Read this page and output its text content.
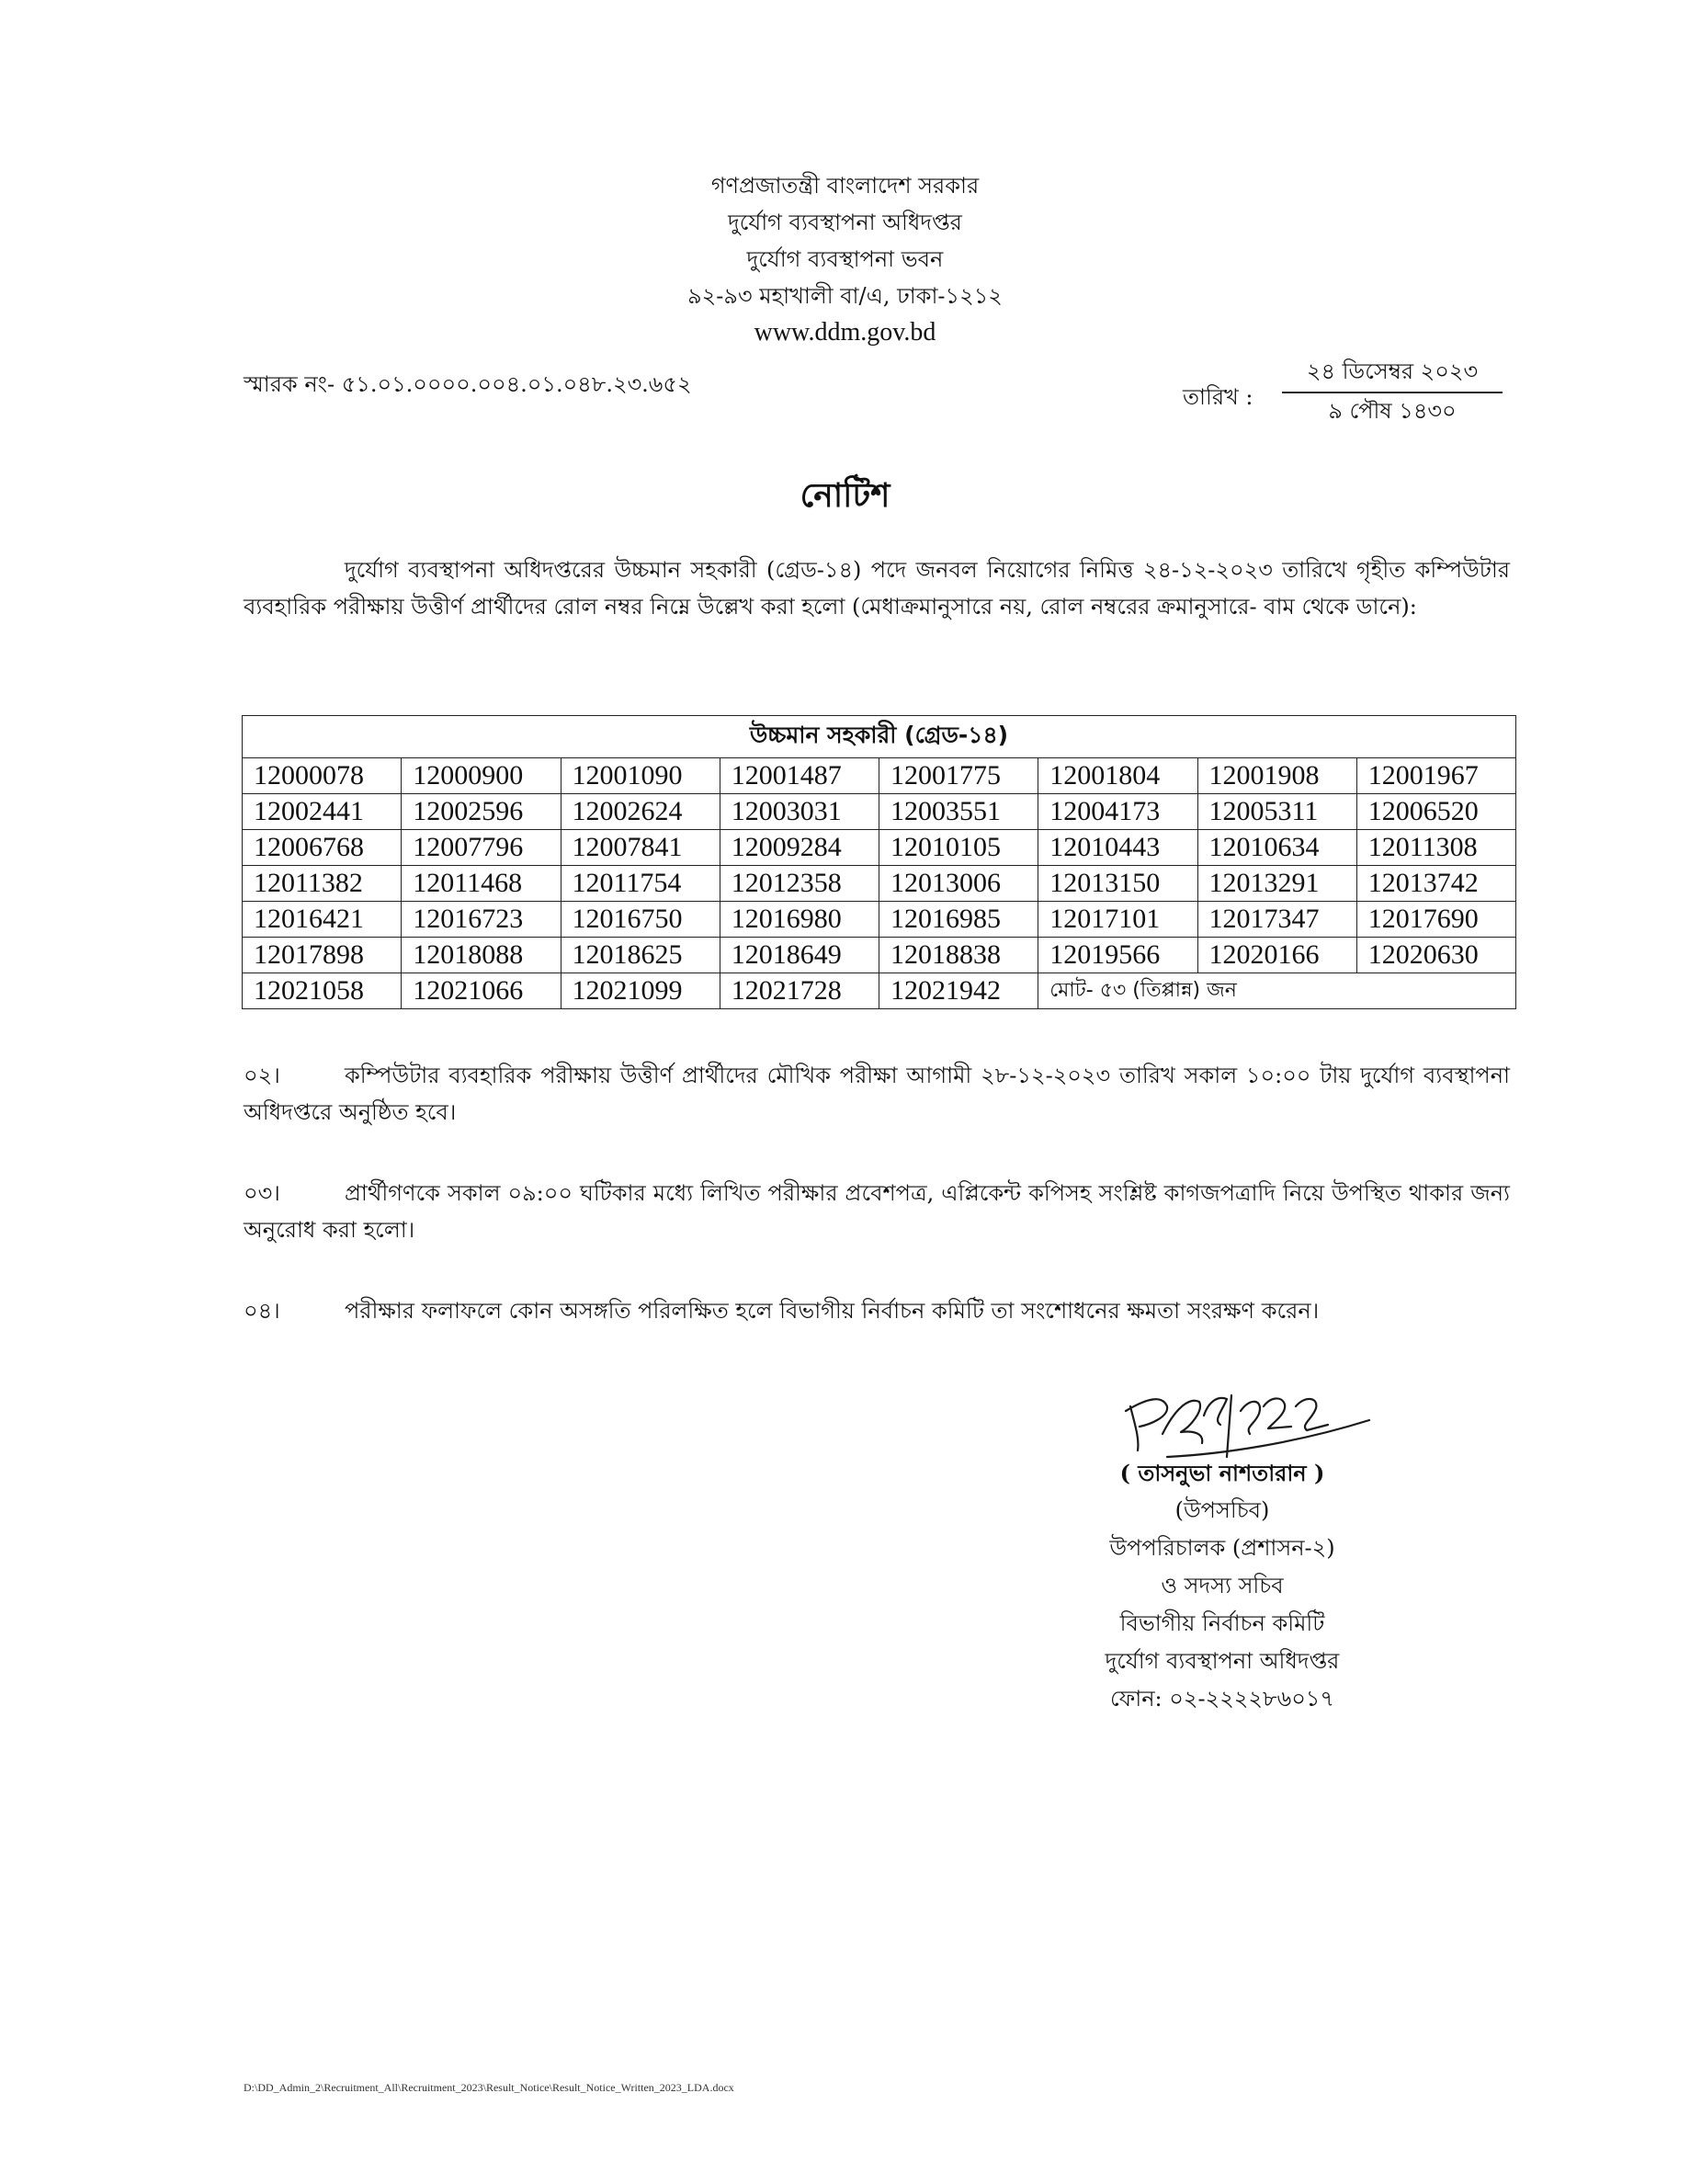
গণপ্রজাতন্ত্রী বাংলাদেশ সরকার
দুর্যোগ ব্যবস্থাপনা অধিদপ্তর
দুর্যোগ ব্যবস্থাপনা ভবন
৯২-৯৩ মহাখালী বা/এ, ঢাকা-১২১২
www.ddm.gov.bd
স্মারক নং- ৫১.০১.০০০০.০০৪.০১.০৪৮.২৩.৬৫২	তারিখ :
২৪ ডিসেম্বর ২০২৩
৯ পৌষ ১৪৩০
নোটিশ
দুর্যোগ ব্যবস্থাপনা অধিদপ্তরের উচ্চমান সহকারী (গ্রেড-১৪) পদে জনবল নিয়োগের নিমিত্ত ২৪-১২-২০২৩ তারিখে গৃহীত কম্পিউটার ব্যবহারিক পরীক্ষায় উত্তীর্ণ প্রার্থীদের রোল নম্বর নিম্নে উল্লেখ করা হলো (মেধাক্রমানুসারে নয়, রোল নম্বরের ক্রমানুসারে- বাম থেকে ডানে):
উচ্চমান সহকারী (গ্রেড-১৪)							
12000078	12000900	12001090	12001487	12001775	12001804	12001908	12001967
12002441	12002596	12002624	12003031	12003551	12004173	12005311	12006520
12006768	12007796	12007841	12009284	12010105	12010443	12010634	12011308
12011382	12011468	12011754	12012358	12013006	12013150	12013291	12013742
12016421	12016723	12016750	12016980	12016985	12017101	12017347	12017690
12017898	12018088	12018625	12018649	12018838	12019566	12020166	12020630
12021058	12021066	12021099	12021728	12021942	মোট- ৫৩ (তিপ্পান্ন) জন		
০২।	কম্পিউটার ব্যবহারিক পরীক্ষায় উত্তীর্ণ প্রার্থীদের মৌখিক পরীক্ষা আগামী ২৮-১২-২০২৩ তারিখ সকাল ১০:০০ টায় দুর্যোগ ব্যবস্থাপনা অধিদপ্তরে অনুষ্ঠিত হবে।
০৩।	প্রার্থীগণকে সকাল ০৯:০০ ঘটিকার মধ্যে লিখিত পরীক্ষার প্রবেশপত্র, এপ্লিকেন্ট কপিসহ সংশ্লিষ্ট কাগজপত্রাদি নিয়ে উপস্থিত থাকার জন্য অনুরোধ করা হলো।
০৪।	পরীক্ষার ফলাফলে কোন অসঙ্গতি পরিলক্ষিত হলে বিভাগীয় নির্বাচন কমিটি তা সংশোধনের ক্ষমতা সংরক্ষণ করেন।
( তাসনুভা নাশতারান )
(উপসচিব)
উপপরিচালক (প্রশাসন-২)
ও সদস্য সচিব
বিভাগীয় নির্বাচন কমিটি
দুর্যোগ ব্যবস্থাপনা অধিদপ্তর
ফোন: ০২-২২২২৮৬০১৭
D:\DD_Admin_2\Recruitment_All\Recruitment_2023\Result_Notice\Result_Notice_Written_2023_LDA.docx
